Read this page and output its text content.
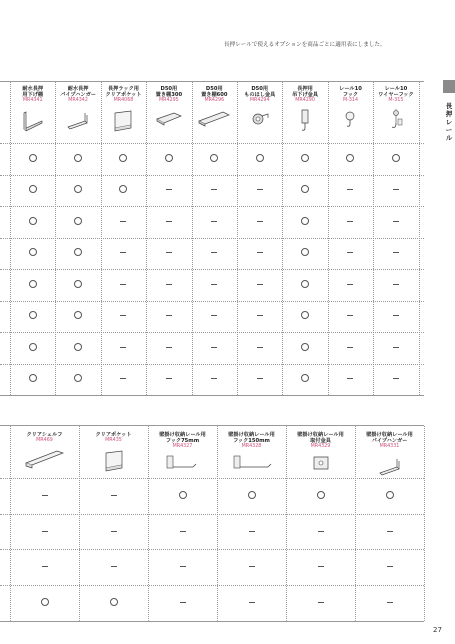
長押レールで使えるオプションを商品ごとに適用表にしました。
長
押
レ
ー
ル
耐水長押
用下げ棚
MR4341
耐水長押
パイプハンガー
MR4342
長押ラック用
クリアポケット
MR4068
D50用
置き棚300
MR4295
D50用
置き棚600
MR4296
D50用
ものほし金具
MR4294
長押用
吊下げ金具
MR4290
レール10
フック
M-314
レール10
ワイヤーフック
M-315
クリアシェルフ
MR469
クリアポケット
MR435
壁掛け収納レール用
フック75mm
MR4327
壁掛け収納レール用
フック150mm
MR4328
壁掛け収納レール用
取付金具
MR4329
壁掛け収納レール用
パイプハンガー
MR4331
27
